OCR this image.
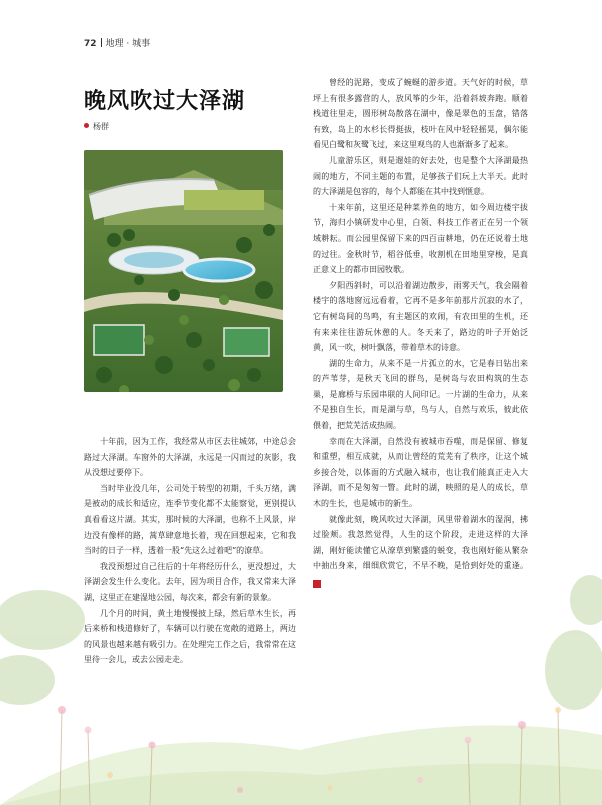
72 地理 · 城事
晚风吹过大泽湖
杨群

十年前，因为工作，我经常从市区去往城郊，中途总会路过大泽湖。车窗外的大泽湖，永远是一闪而过的灰影，我从没想过要停下。

当时毕业没几年，公司处于转型的初期，千头万绪，满是被动的成长和适应，连季节变化都不太能察觉，更别提认真看看这片湖。其实，那时候的大泽湖，也称不上风景，岸边没有像样的路，蒿草肆意地长着，现在回想起来，它和我当时的日子一样，透着一股“先这么过着吧”的潦草。

我没预想过自己往后的十年将经历什么，更没想过，大泽湖会发生什么变化。去年，因为项目合作，我又常来大泽湖，这里正在建湿地公园，每次来，都会有新的景象。

几个月的时间，黄土地慢慢披上绿，然后草木生长，再后来桥和栈道修好了，车辆可以行驶在宽敞的道路上，两边的风景也越来越有吸引力。在处理完工作之后，我常常在这里待一会儿，或去公园走走。

曾经的泥路，变成了蜿蜒的游步道。天气好的时候，草坪上有很多露营的人，放风筝的少年，沿着斜坡奔跑。顺着栈道往里走，圆形树岛散落在湖中，像是翠色的玉盘，错落有致，岛上的水杉长得挺拔，枝叶在风中轻轻摇晃，偶尔能看见白鹭和灰鹭飞过，来这里观鸟的人也渐渐多了起来。

儿童游乐区，则是遛娃的好去处，也是整个大泽湖最热闹的地方，不同主题的布置，足够孩子们玩上大半天。此时的大泽湖是包容的，每个人都能在其中找到惬意。

十来年前，这里还是种菜养鱼的地方，如今周边楼宇拔节，海归小镇研发中心里，白领、科技工作者正在另一个领域耕耘。而公园里保留下来的四百亩耕地，仍在还说着土地的过往。金秋时节，稻谷低垂，收割机在田地里穿梭，是真正意义上的都市田园牧歌。

夕阳西斜时，可以沿着湖边散步，雨雾天气，我会隔着楼宇的落地窗远远看着，它再不是多年前那片沉寂的水了，它有树岛间的鸟鸣，有主题区的欢闹，有农田里的生机，还有来来往往游玩休憩的人。冬天来了，路边的叶子开始泛黄，风一吹，树叶飘落，带着草木的诗意。

湖的生命力，从来不是一片孤立的水，它是春日钻出来的芦苇芽，是秋天飞回的群鸟，是树岛与农田构筑的生态巢，是廊桥与乐园串联的人间印记。一片湖的生命力，从来不是独自生长，而是湖与草，鸟与人，自然与欢乐，彼此依偎着，把荒芜活成热闹。

幸而在大泽湖，自然没有被城市吞噬，而是保留、修复和重塑，相互成就，从而让曾经的荒芜有了秩序，让这个城乡接合处，以体面的方式融入城市，也让我们能真正走入大泽湖，而不是匆匆一瞥。此时的湖，映照的是人的成长，草木的生长，也是城市的新生。

就像此刻，晚风吹过大泽湖，风里带着湖水的湿润，拂过脸颊。我忽然觉得，人生的这个阶段，走进这样的大泽湖，刚好能读懂它从潦草到繁盛的蜕变，我也刚好能从繁杂中抽出身来，细细欣赏它，不早不晚，是恰到好处的重逢。T
